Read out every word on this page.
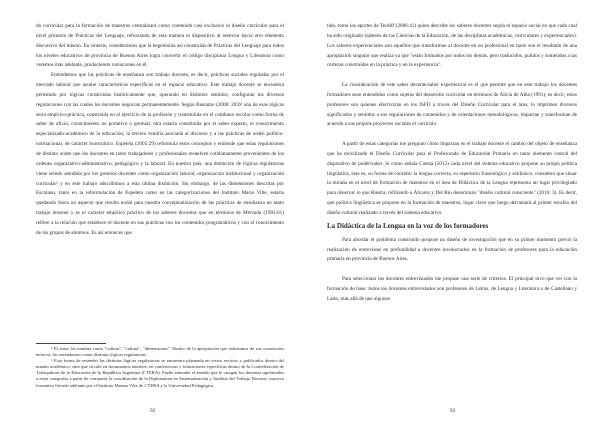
do curricular para la formación de maestros centralizará como contenido casi exclusivo el diseño curricular para el nivel primario de Prácticas del Lenguaje, reforzando de esta manera el dispositivo al reenviar hacia otro elemento discursivo del mismo. En síntesis, consideramos que la hegemonía así construida de Prácticas del Lenguaje para todos los niveles educativos de provincia de Buenos Aires logra convertir el código disciplinar Lengua y Literatura como veremos más adelante, produciendo variaciones en él.

Entendemos que las prácticas de enseñanza son trabajo docente, es decir, prácticas sociales reguladas por el mercado laboral que asume características específicas en el espacio educativo. Este trabajo docente se encuentra permeado por lógicas construidas históricamente que, operando en distintos sentidos, configuran los diversos regulaciones con las cuales los docentes negocian permanentemente. Según Bustamo (2000: 203)² una de esas lógicas sería empírico-práctica, construida en el ejercicio de la profesión y transmitida en el cotidiano escolar como forma de saber de oficio, conocimiento no portativo o gremial; otra estaría constituida por el saber experto, el conocimiento especializado-académico de la educación; la tercera vendría asociada al discurso y a las prácticas de orden político-normacional, de carácter burocrático. Espeleta (2005:29) reformula estos conceptos y entiende que estas regulaciones de distinto orden que los docentes en tanto trabajadores y profesionales resuelven cotidianamente provenientes de los órdenes organizativo-administrativo, pedagógico y la laboral. En nuestro país, una distinción de lógicas regulatorias viene siendo atendida por los gremios docentes como organización laboral, organización institucional y organización curricular³ y en este trabajo adscribimos a esta última distinción. Sin embargo, de las dimensiones descritas por Escolano, tanto en la reformulación de Espeleta como en las categorizaciones del Instituto María Vilte, estaría quedando fuera un aspecto que resulta nodal para nuestra conceptualización de las prácticas de enseñanza en tanto trabajo docente y es el carácter empírico práctico de los saberes docentes que en términos de Mercado (1991:61) refiere a la relación que establece el docente en sus prácticas con los contenidos programáticos y con el conocimiento de los grupos de alumnos. Es así entonces que

² El autor los nombra como "cultura", "cultura", "dimensiones". Dentro de la apropiación que realizamos de sus constructos teóricos, las entendemos como distintas lógicas regulatorias.

³ Esta forma de entender las distintas lógicas regulatorias se encuentra plasmada en textos escritos y publicados dentro del mundo académico, sino que circula en documentos internos, en conferencias y formaciones específicas dentro de la Confederación de Trabajadores de la Educación de la República Argentina (CTERA). Puede entender el sentido que le otorgan los docentes agremiados a estas categorías a partir de compartir la coordinación de la Diplomatura en Sistematización y Análisis del Trabajo Docente, trayecto formativo llevado adelante por el Instituto Marina Vilte de CTERA y la Universidad Pedagógica.

92

tido, tomo los aportes de Terdiff (2006:41) quien describe los saberes docentes según el espacio social en que cada cual ha sido originado (saberes de las Ciencias de la Educación, de las disciplinas académicas, curriculares y experienciales). Los saberes experienciales son aquellos que transforman al docente en un profesional en tanto son el resultado de una apropiación singular que realiza ya que "están formados por todos los demás, pero traducidos, pulidos y sometidos a las certezas construidas en la práctica y en la experiencia".

La consideración de este saber docente/saber experiencial es el que permite que en este trabajo los docentes formadores sean entendidos como sujetos del desarrollo curricular en términos de Alicia de Alba (1991), es decir, estos profesores son quienes efectivizan en los ISFD a través del Diseño Curricular para el área, lo imprimen diversos significados y sentidos a sus regulaciones de contenidos y de orientaciones metodológicas, impactan y transforman de acuerdo a sus propios proyectos sociales el currículo.

A partir de estas categorías me pregunto cómo impactan en el trabajo docente el cambio del objeto de enseñanza que ha movilizado el Diseño Curricular para el Profesorado de Educación Primaria en tanto elemento central del dispositivo de poder/saber. Sí como señala Cuesta (2012) cada nivel del sistema educativo propone su propia política lingüística, esto es, su forma de concebir la lengua correcta, su repertorio fraseológico y estilístico, considero que situar la mirada en el nivel de formación de maestros en el área de Didáctica de la Lengua representa un lugar privilegiado para observar lo que Riestra, refiriendo a Álvarez y Del Río denominan "diseño cultural consciente" (2010: 3). Es decir, qué política lingüística se propone en la formación de maestros, lugar clave que luego derramará al primer escalón del diseño cultural realizado a través del sistema educativo.

La Didáctica de la Lengua en la voz de los formadores

Para abordar el problema construido propuse un diseño de investigación que en su primer momento previó la realización de entrevistas en profundidad a docentes involucrados en la formación de profesores para la educación primaria en provincia de Buenos Aires.

Para seleccionar los docentes entrevistados me propuse una serie de criterios. El principal tuvo que ver con la formación de base: todos los docentes entrevistados son profesores de Letras, de Lengua y Literatura o de Castellano y Latín, más allá de que algunos

93
